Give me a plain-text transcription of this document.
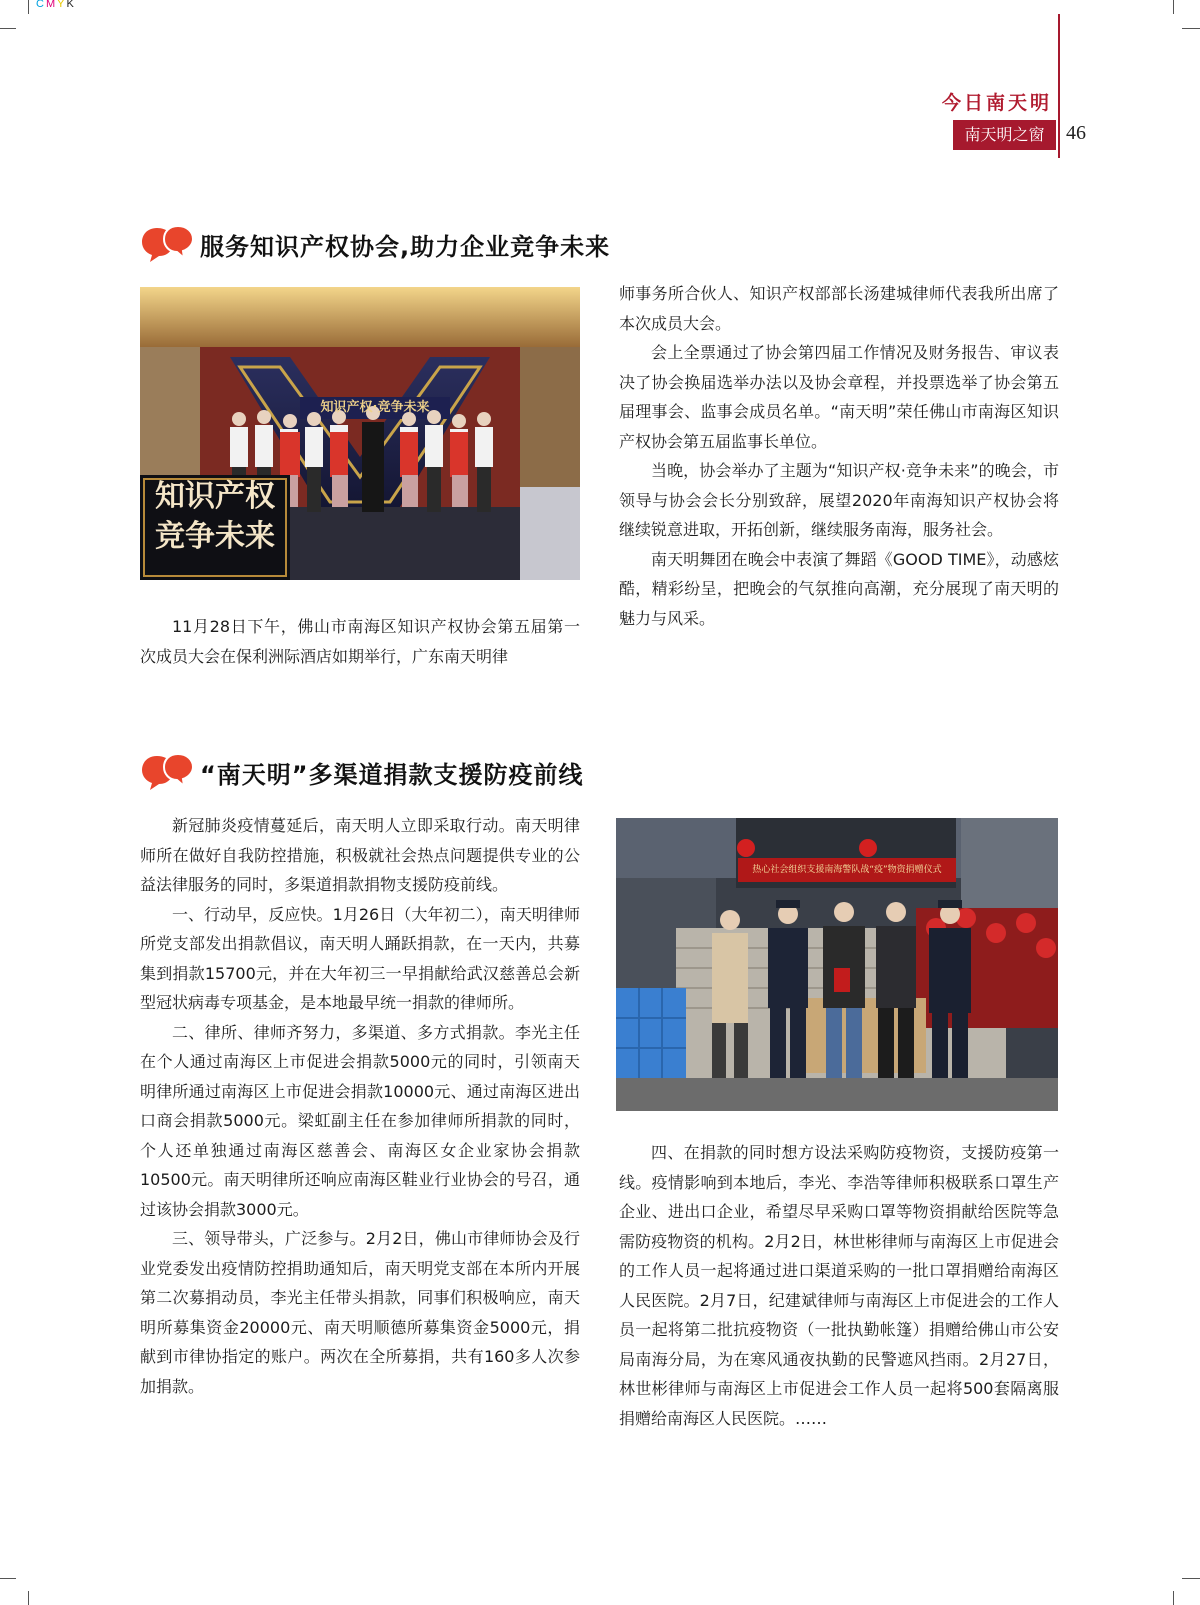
CMYK
今日南天明
南天明之窗	46
服务知识产权协会,助力企业竞争未来
知识产权
竞争未来
知识产权·竞争未来

11月28日下午，佛山市南海区知识产权协会第五届第一次成员大会在保利洲际酒店如期举行，广东南天明律

师事务所合伙人、知识产权部部长汤建城律师代表我所出席了本次成员大会。

会上全票通过了协会第四届工作情况及财务报告、审议表决了协会换届选举办法以及协会章程，并投票选举了协会第五届理事会、监事会成员名单。“南天明”荣任佛山市南海区知识产权协会第五届监事长单位。

当晚，协会举办了主题为“知识产权·竞争未来”的晚会，市领导与协会会长分别致辞，展望2020年南海知识产权协会将继续锐意进取，开拓创新，继续服务南海，服务社会。

南天明舞团在晚会中表演了舞蹈《GOOD TIME》，动感炫酷，精彩纷呈，把晚会的气氛推向高潮，充分展现了南天明的魅力与风采。

“南天明”多渠道捐款支援防疫前线

新冠肺炎疫情蔓延后，南天明人立即采取行动。南天明律师所在做好自我防控措施，积极就社会热点问题提供专业的公益法律服务的同时，多渠道捐款捐物支援防疫前线。

一、行动早，反应快。1月26日（大年初二），南天明律师所党支部发出捐款倡议，南天明人踊跃捐款，在一天内，共募集到捐款15700元，并在大年初三一早捐献给武汉慈善总会新型冠状病毒专项基金，是本地最早统一捐款的律师所。

二、律所、律师齐努力，多渠道、多方式捐款。李光主任在个人通过南海区上市促进会捐款5000元的同时，引领南天明律所通过南海区上市促进会捐款10000元、通过南海区进出口商会捐款5000元。梁虹副主任在参加律师所捐款的同时，个人还单独通过南海区慈善会、南海区女企业家协会捐款10500元。南天明律所还响应南海区鞋业行业协会的号召，通过该协会捐款3000元。

三、领导带头，广泛参与。2月2日，佛山市律师协会及行业党委发出疫情防控捐助通知后，南天明党支部在本所内开展第二次募捐动员，李光主任带头捐款，同事们积极响应，南天明所募集资金20000元、南天明顺德所募集资金5000元，捐献到市律协指定的账户。两次在全所募捐，共有160多人次参加捐款。

热心社会组织支援南海警队战“疫”物资捐赠仪式

四、在捐款的同时想方设法采购防疫物资，支援防疫第一线。疫情影响到本地后，李光、李浩等律师积极联系口罩生产企业、进出口企业，希望尽早采购口罩等物资捐献给医院等急需防疫物资的机构。2月2日，林世彬律师与南海区上市促进会的工作人员一起将通过进口渠道采购的一批口罩捐赠给南海区人民医院。2月7日，纪建斌律师与南海区上市促进会的工作人员一起将第二批抗疫物资（一批执勤帐篷）捐赠给佛山市公安局南海分局，为在寒风通夜执勤的民警遮风挡雨。2月27日，林世彬律师与南海区上市促进会工作人员一起将500套隔离服捐赠给南海区人民医院。……
